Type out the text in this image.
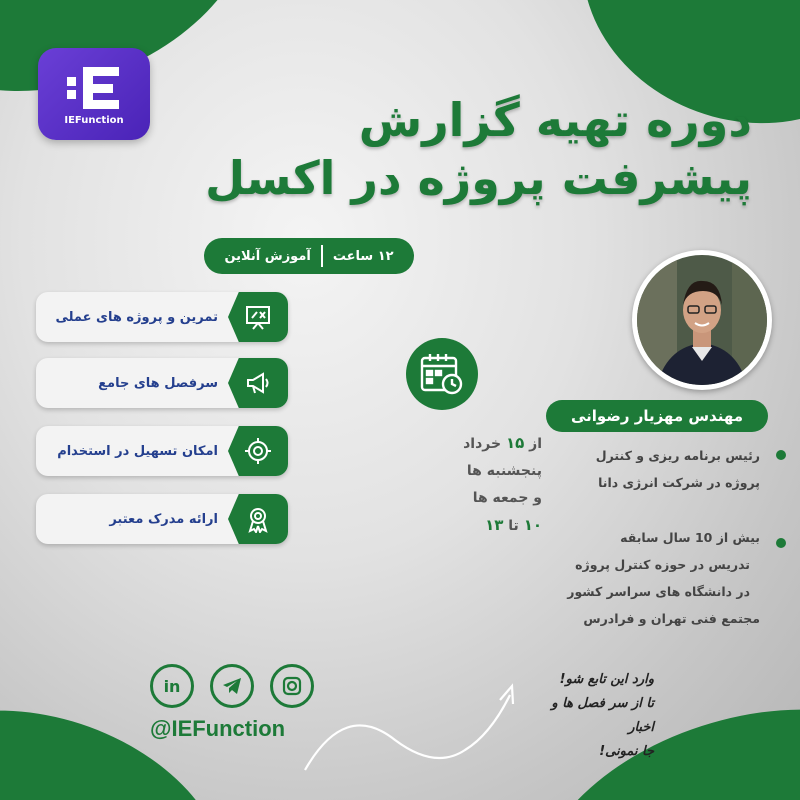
IEFunction	دوره تهیه گزارش
پیشرفت پروژه در اکسل
۱۲ ساعت
آموزش آنلاین
تمرین و پروژه های عملی
سرفصل های جامع
امکان تسهیل در استخدام
ارائه مدرک معتبر
از ۱۵ خرداد
پنجشنبه ها
و جمعه ها
۱۰ تا ۱۳
مهندس مهزیار رضوانی
رئیس برنامه ریزی و کنترل
پروژه در شرکت انرژی دانا
بیش از 10 سال سابقه
تدریس در حوزه کنترل پروژه
در دانشگاه های سراسر کشور
مجتمع فنی تهران و فرادرس
in
@IEFunction
وارد این تابع شو!
تا از سر فصل ها و اخبار
جا نمونی!
